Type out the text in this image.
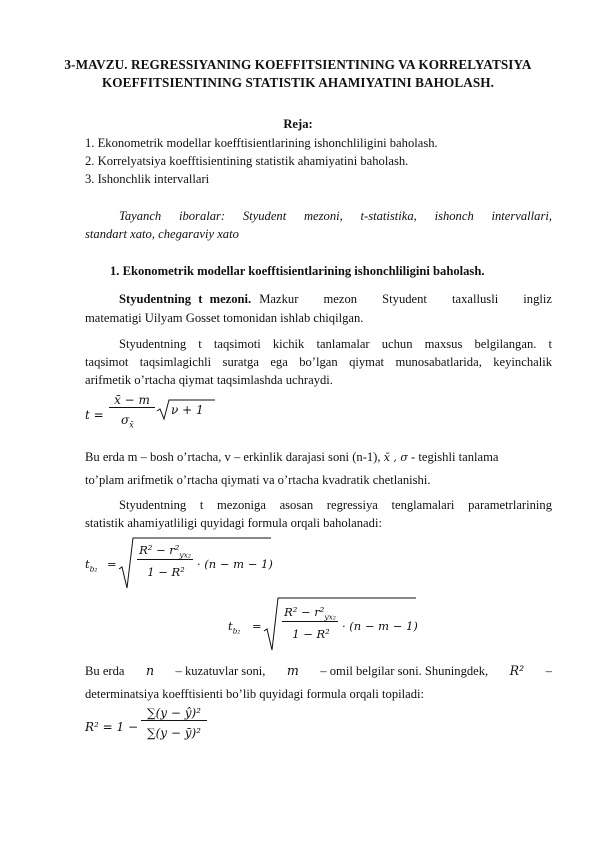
3-MAVZU. REGRESSIYANING KOEFFITSIENTINING VA KORRELYATSIYA KOEFFITSIENTINING STATISTIK AHAMIYATINI BAHOLASH.
Reja:
1. Ekonometrik modellar koefftisientlarining ishonchliligini baholash.
2. Korrelyatsiya koefftisientining statistik ahamiyatini baholash.
3. Ishonchlik intervallari
Tayanch iboralar: Styudent mezoni, t-statistika, ishonch intervallari,
standart xato, chegaraviy xato
1. Ekonometrik modellar koefftisientlarining ishonchliligini baholash.
Styudentning t mezoni. Mazkur mezon Styudent taxallusli ingliz
matematigi Uilyam Gosset tomonidan ishlab chiqilgan.
Styudentning t taqsimoti kichik tanlamalar uchun maxsus belgilangan. t
taqsimot taqsimlagichli suratga ega bo’lgan qiymat munosabatlarida, keyinchalik
arifmetik o’rtacha qiymat taqsimlashda uchraydi.
t =
x̄ − m
$\sigma_{x̄}$
ν + 1
Bu erda m – bosh o’rtacha, v – erkinlik darajasi soni (n-1), x̄ , σ - tegishli tanlama
to’plam arifmetik o’rtacha qiymati va o’rtacha kvadratik chetlanishi.
Styudentning t mezoniga asosan regressiya tenglamalari parametrlarining
statistik ahamiyatliligi quyidagi formula orqali baholanadi:
$t_{b_2}$ =
$R^2 - r^2_{yx_2}$
1 − R²
· (n − m − 1)
$t_{b_2}$ =
$R^2 - r^2_{yx_2}$
1 − R²
· (n − m − 1)
Bu erda n – kuzatuvlar soni, m – omil belgilar soni. Shuningdek, R² –
determinatsiya koefftisienti bo’lib quyidagi formula orqali topiladi:
R² = 1 −
∑(y − ŷ)²
∑(y − ȳ)²
